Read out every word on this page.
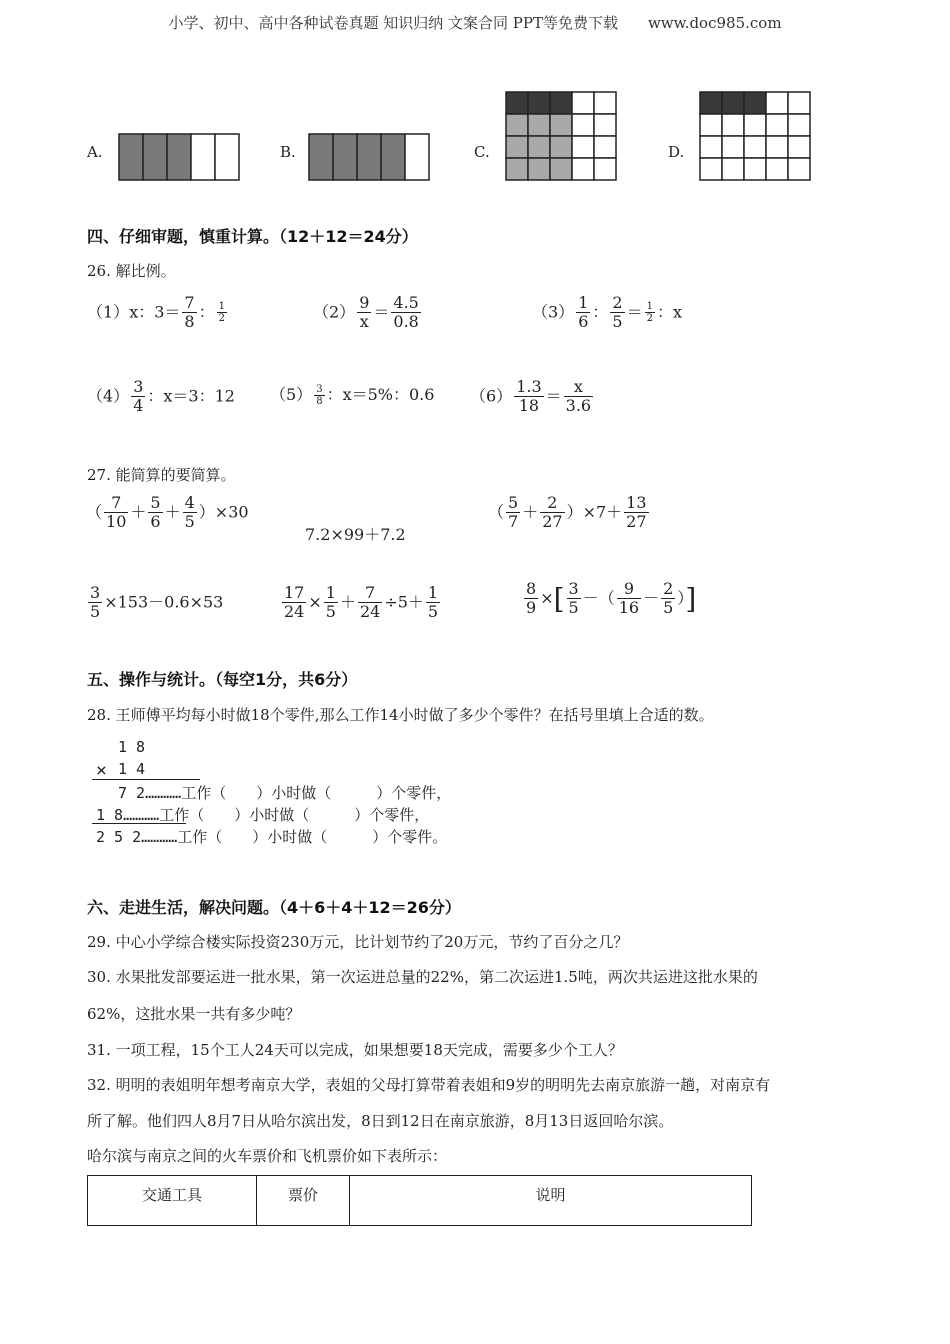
小学、初中、高中各种试卷真题 知识归纳 文案合同 PPT等免费下载　　www.doc985.com
A.	B.	C.	D.
四、仔细审题，慎重计算。（12＋12＝24分）
26. 解比例。
（1）x：$3= \frac{7}{8}$ ： $\frac{1}{2}$	$(2) \frac{9}{x} = \frac{4.5}{0.8}$	$(3) \frac{1}{6}$ ： $\frac{2}{5} = \frac{1}{2}$ ：x
$(4) \frac{3}{4}$ ：x＝3：12 $(5) \frac{3}{8}$ ：x＝5%：0.6 $(6) \frac{1.3}{18} = \frac{x}{3.6}$
27. 能简算的要简算。
（ $\frac{7}{10} + \frac{5}{6} + \frac{4}{5} )\times 30$
7.2×99＋7.2
（ $\frac{5}{7} + \frac{2}{27} )\times 7+ \frac{13}{27}$
$\frac{3}{5} \times 153-0.6\times 53$	$\frac{17}{24} \times \frac{1}{5} + \frac{7}{24} \div 5+ \frac{1}{5}$	$\frac{8}{9}$ ×[ $\frac{3}{5}$ －（ $\frac{9}{16} - \frac{2}{5}$ ）]
五、操作与统计。（每空1分，共6分）
28. 王师傅平均每小时做18个零件,那么工作14小时做了多少个零件？在括号里填上合适的数。
1 8
× 1 4
7 2…………工作（　　）小时做（　　　）个零件，
1 8…………工作（　　）小时做（　　　）个零件，
2 5 2…………工作（　　）小时做（　　　）个零件。
六、走进生活，解决问题。（4＋6＋4＋12＝26分）
29. 中心小学综合楼实际投资230万元，比计划节约了20万元，节约了百分之几？
30. 水果批发部要运进一批水果，第一次运进总量的22%，第二次运进1.5吨，两次共运进这批水果的
62%，这批水果一共有多少吨？
31. 一项工程，15个工人24天可以完成，如果想要18天完成，需要多少个工人？
32. 明明的表姐明年想考南京大学，表姐的父母打算带着表姐和9岁的明明先去南京旅游一趟，对南京有
所了解。他们四人8月7日从哈尔滨出发，8日到12日在南京旅游，8月13日返回哈尔滨。
哈尔滨与南京之间的火车票价和飞机票价如下表所示：
交通工具	票价	说明
